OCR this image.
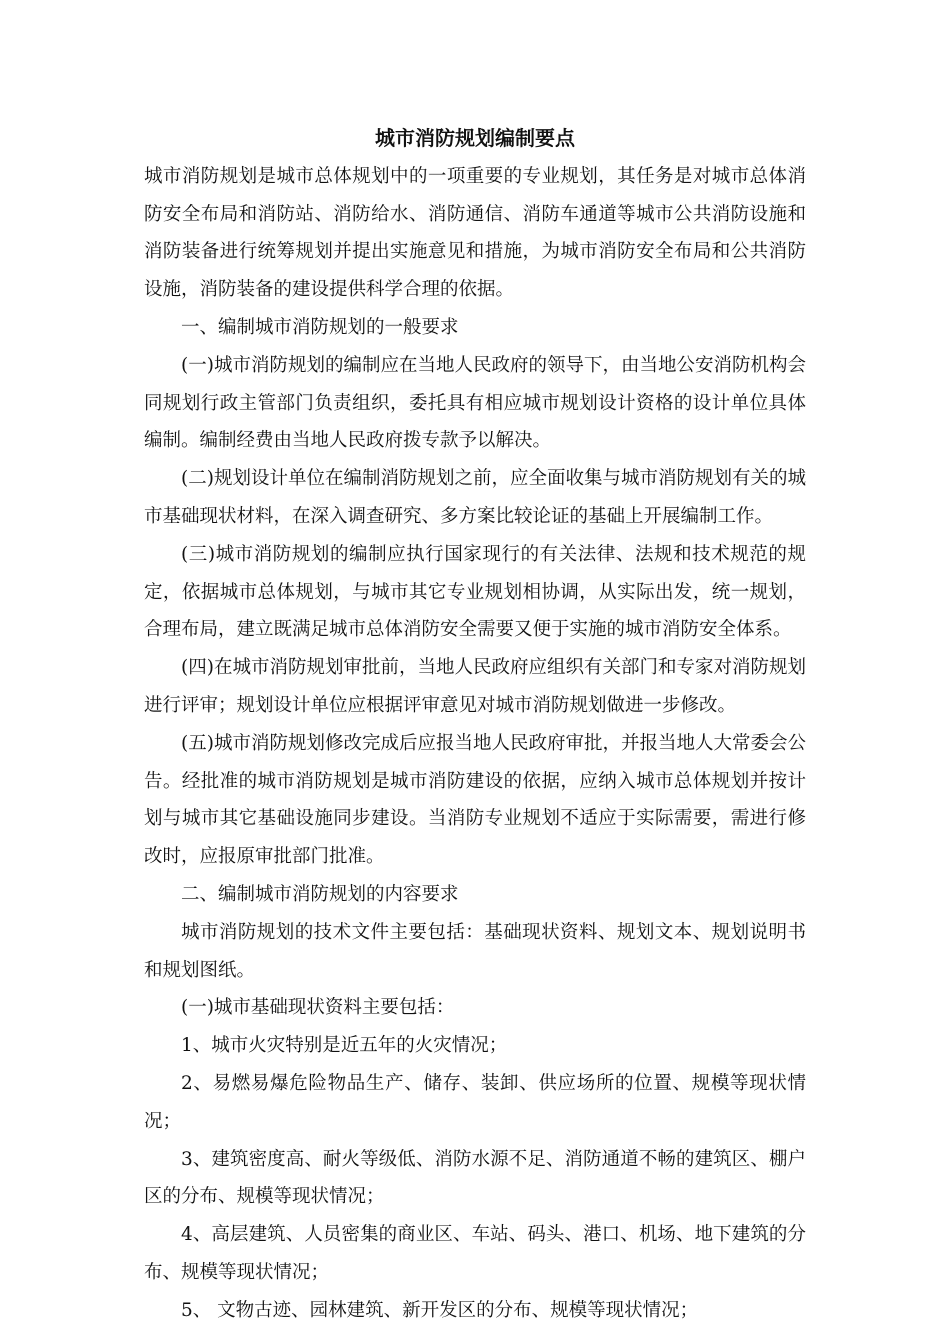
城市消防规划编制要点

城市消防规划是城市总体规划中的一项重要的专业规划，其任务是对城市总体消防安全布局和消防站、消防给水、消防通信、消防车通道等城市公共消防设施和消防装备进行统筹规划并提出实施意见和措施，为城市消防安全布局和公共消防设施，消防装备的建设提供科学合理的依据。

一、编制城市消防规划的一般要求

(一)城市消防规划的编制应在当地人民政府的领导下，由当地公安消防机构会同规划行政主管部门负责组织，委托具有相应城市规划设计资格的设计单位具体编制。编制经费由当地人民政府拨专款予以解决。

(二)规划设计单位在编制消防规划之前，应全面收集与城市消防规划有关的城市基础现状材料，在深入调查研究、多方案比较论证的基础上开展编制工作。

(三)城市消防规划的编制应执行国家现行的有关法律、法规和技术规范的规定，依据城市总体规划，与城市其它专业规划相协调，从实际出发，统一规划，合理布局，建立既满足城市总体消防安全需要又便于实施的城市消防安全体系。

(四)在城市消防规划审批前，当地人民政府应组织有关部门和专家对消防规划进行评审；规划设计单位应根据评审意见对城市消防规划做进一步修改。

(五)城市消防规划修改完成后应报当地人民政府审批，并报当地人大常委会公告。经批准的城市消防规划是城市消防建设的依据，应纳入城市总体规划并按计划与城市其它基础设施同步建设。当消防专业规划不适应于实际需要，需进行修改时，应报原审批部门批准。

二、编制城市消防规划的内容要求

城市消防规划的技术文件主要包括：基础现状资料、规划文本、规划说明书和规划图纸。

(一)城市基础现状资料主要包括：

1、城市火灾特别是近五年的火灾情况；

2、易燃易爆危险物品生产、储存、装卸、供应场所的位置、规模等现状情况；

3、建筑密度高、耐火等级低、消防水源不足、消防通道不畅的建筑区、棚户区的分布、规模等现状情况；

4、高层建筑、人员密集的商业区、车站、码头、港口、机场、地下建筑的分布、规模等现状情况；

5、 文物古迹、园林建筑、新开发区的分布、规模等现状情况；
